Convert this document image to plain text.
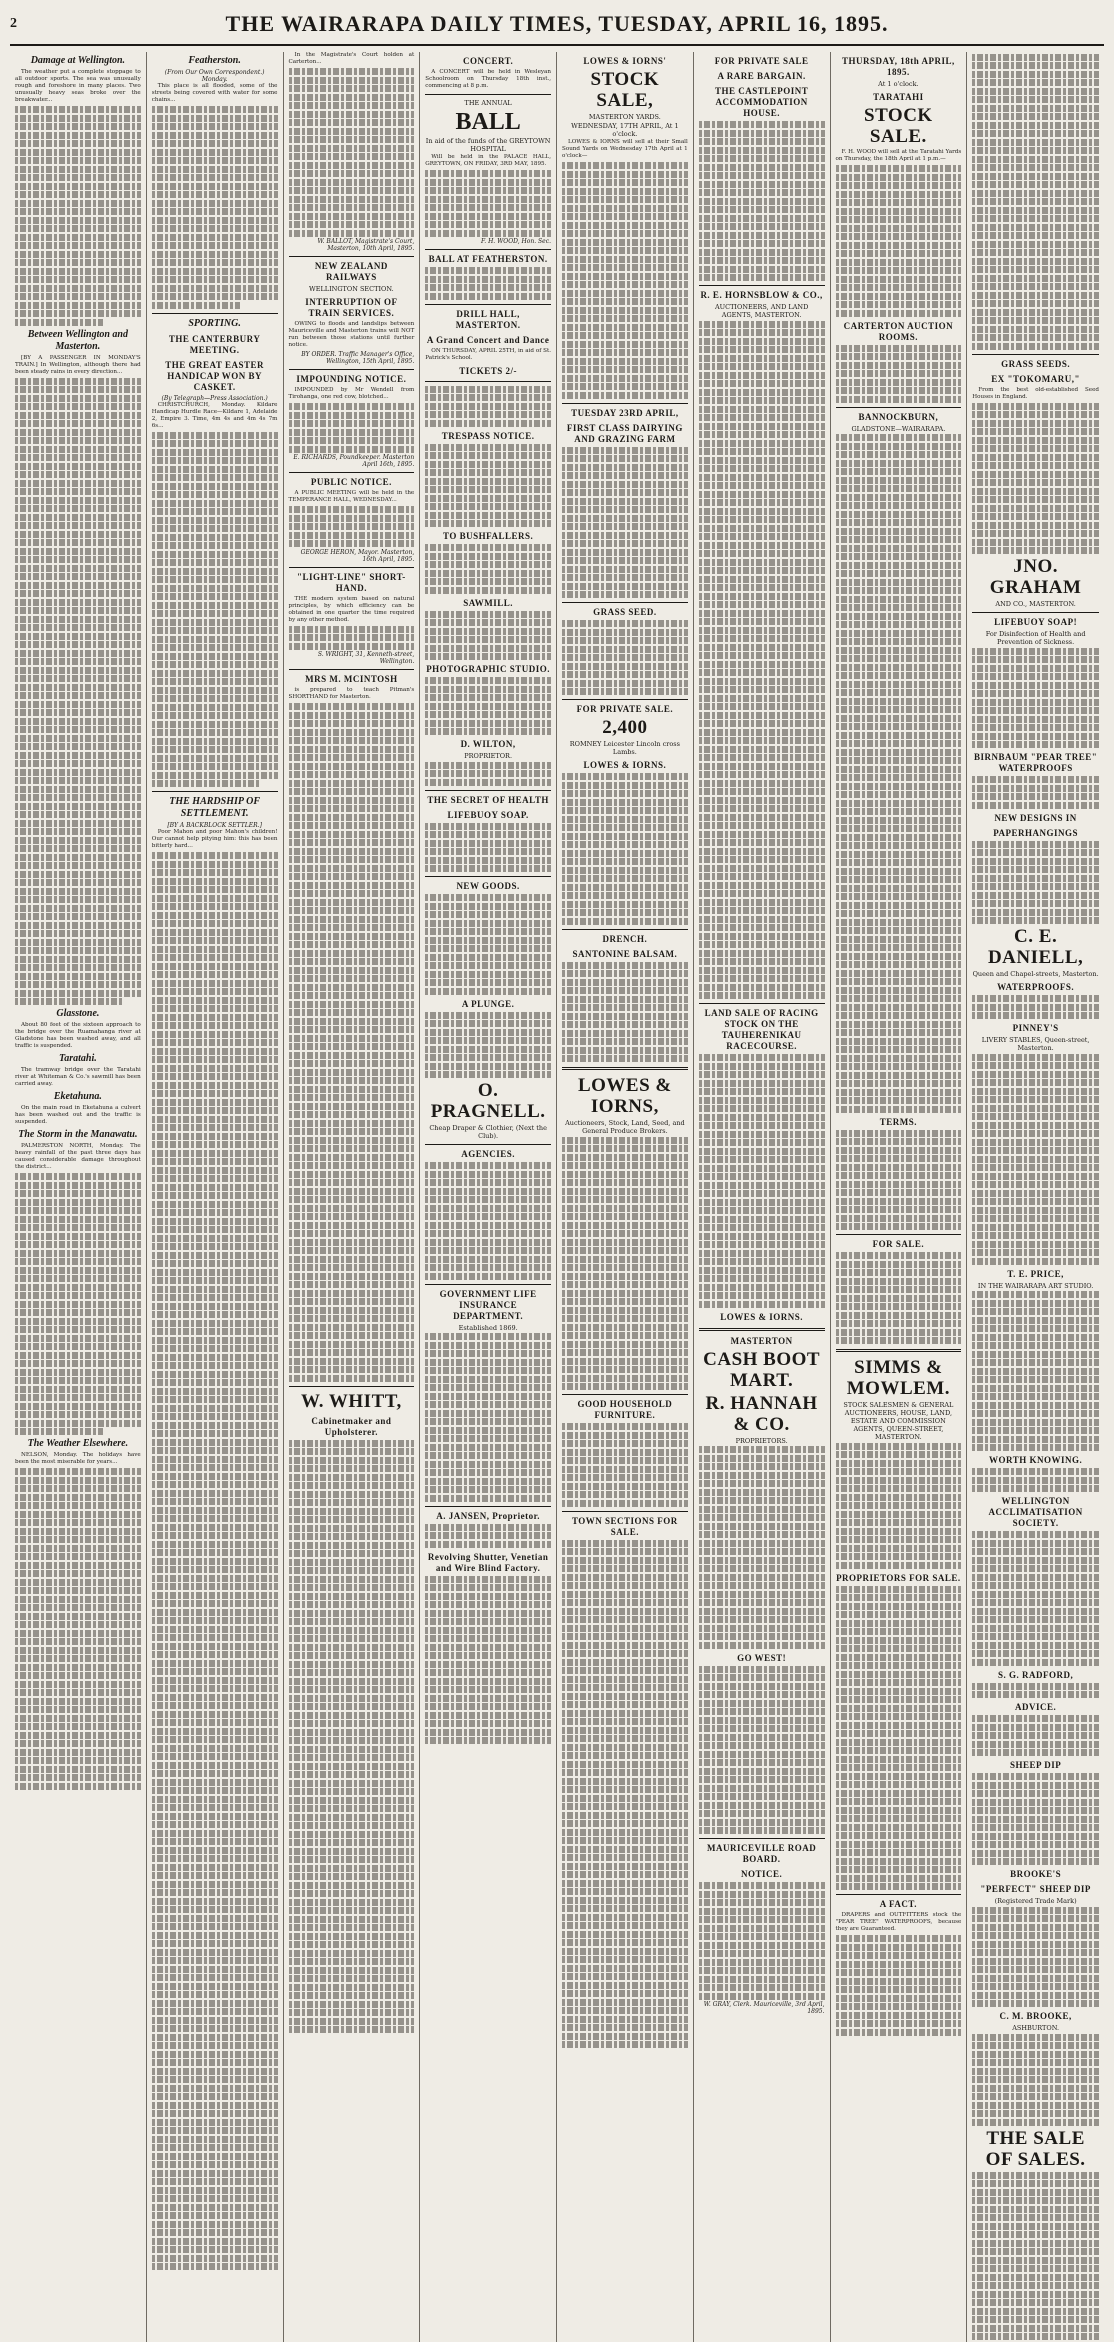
2	THE WAIRARAPA DAILY TIMES, TUESDAY, APRIL 16, 1895.
Damage at Wellington.
The weather put a complete stoppage to all outdoor sports. The sea was unusually rough and foreshore in many places. Two unusually heavy seas broke over the breakwater...
Between Wellington and Masterton.
[BY A PASSENGER IN MONDAY'S TRAIN.] In Wellington, although there had been steady rains in every direction...
Glasstone.
About 80 feet of the sixteen approach to the bridge over the Ruamahanga river at Gladstone has been washed away, and all traffic is suspended.
Taratahi.
The tramway bridge over the Taratahi river at Whiteman & Co.'s sawmill has been carried away.
Eketahuna.
On the main road in Eketahuna a culvert has been washed out and the traffic is suspended.
The Storm in the Manawatu.
PALMERSTON NORTH, Monday. The heavy rainfall of the past three days has caused considerable damage throughout the district...
The Weather Elsewhere.
NELSON, Monday. The holidays have been the most miserable for years...
Featherston.
(From Our Own Correspondent.) Monday.
This place is all flooded, some of the streets being covered with water for some chains...
SPORTING.
THE CANTERBURY MEETING.
THE GREAT EASTER HANDICAP WON BY CASKET.
(By Telegraph—Press Association.)
CHRISTCHURCH, Monday. Kildare Handicap Hurdle Race—Kildare 1, Adelaide 2, Empire 3. Time, 4m 4s and 4m 4s 7m 6s...
THE HARDSHIP OF SETTLEMENT.
[BY A BACKBLOCK SETTLER.]
Poor Mahon and poor Mahon's children! Our cannot help pitying him: this has been bitterly hard...
In the Magistrate's Court holden at Carterton...
W. BALLOT, Magistrate's Court, Masterton, 10th April, 1895.
NEW ZEALAND RAILWAYS
WELLINGTON SECTION.
INTERRUPTION OF TRAIN SERVICES.
OWING to floods and landslips between Mauriceville and Masterton trains will NOT run between those stations until further notice.
BY ORDER. Traffic Manager's Office, Wellington, 15th April, 1895.
IMPOUNDING NOTICE.
IMPOUNDED by Mr Wendell from Tirohanga, one red cow, blotched...
E. RICHARDS, Poundkeeper. Masterton April 16th, 1895.
PUBLIC NOTICE.
A PUBLIC MEETING will be held in the TEMPERANCE HALL, WEDNESDAY...
GEORGE HERON, Mayor. Masterton, 16th April, 1895.
"LIGHT-LINE" SHORT-HAND.
THE modern system based on natural principles, by which efficiency can be obtained in one quarter the time required by any other method.
S. WRIGHT, 31, Kenneth-street, Wellington.
MRS M. MCINTOSH
is prepared to teach Pitman's SHORTHAND for Masterton.
W. WHITT,
Cabinetmaker and Upholsterer.
CONCERT.
A CONCERT will be held in Wesleyan Schoolroom on Thursday 18th inst., commencing at 8 p.m.
THE ANNUAL
BALL
In aid of the funds of the GREYTOWN HOSPITAL
Will be held in the PALACE HALL, GREYTOWN, ON FRIDAY, 3RD MAY, 1895.
F. H. WOOD, Hon. Sec.
BALL AT FEATHERSTON.
DRILL HALL, MASTERTON.
A Grand Concert and Dance
ON THURSDAY, APRIL 25TH, in aid of St. Patrick's School.
TICKETS 2/-
TRESPASS NOTICE.
TO BUSHFALLERS.
SAWMILL.
PHOTOGRAPHIC STUDIO.
D. WILTON,
PROPRIETOR.
THE SECRET OF HEALTH
LIFEBUOY SOAP.
NEW GOODS.
A PLUNGE.
O. PRAGNELL.
Cheap Draper & Clothier, (Next the Club).
AGENCIES.
GOVERNMENT LIFE INSURANCE DEPARTMENT.
Established 1869.
A. JANSEN, Proprietor.
Revolving Shutter, Venetian and Wire Blind Factory.
LOWES & IORNS'
STOCK SALE,
MASTERTON YARDS.
WEDNESDAY, 17TH APRIL, At 1 o'clock.
LOWES & IORNS will sell at their Small Sound Yards on Wednesday 17th April at 1 o'clock—
TUESDAY 23RD APRIL,
FIRST CLASS DAIRYING AND GRAZING FARM
GRASS SEED.
FOR PRIVATE SALE.
2,400
ROMNEY Leicester Lincoln cross Lambs.
LOWES & IORNS.
DRENCH.
SANTONINE BALSAM.
LOWES & IORNS,
Auctioneers, Stock, Land, Seed, and General Produce Brokers.
GOOD HOUSEHOLD FURNITURE.
TOWN SECTIONS FOR SALE.
FOR PRIVATE SALE
A RARE BARGAIN.
THE CASTLEPOINT ACCOMMODATION HOUSE.
R. E. HORNSBLOW & CO.,
AUCTIONEERS, AND LAND AGENTS, MASTERTON.
LAND SALE OF RACING STOCK ON THE TAUHERENIKAU RACECOURSE.
LOWES & IORNS.
MASTERTON
CASH BOOT MART.
R. HANNAH & CO.
PROPRIETORS.
GO WEST!
MAURICEVILLE ROAD BOARD.
NOTICE.
W. GRAY, Clerk. Mauriceville, 3rd April, 1895.
THURSDAY, 18th APRIL, 1895.
At 1 o'clock.
TARATAHI
STOCK SALE.
F. H. WOOD will sell at the Taratahi Yards on Thursday, the 18th April at 1 p.m.—
CARTERTON AUCTION ROOMS.
BANNOCKBURN,
GLADSTONE—WAIRARAPA.
TERMS.
FOR SALE.
SIMMS & MOWLEM.
STOCK SALESMEN & GENERAL AUCTIONEERS, HOUSE, LAND, ESTATE AND COMMISSION AGENTS, QUEEN-STREET, MASTERTON.
PROPRIETORS FOR SALE.
A FACT.
DRAPERS and OUTFITTERS stock the "PEAR TREE" WATERPROOFS, because they are Guaranteed.
GRASS SEEDS.
EX "TOKOMARU,"
From the best old-established Seed Houses in England.
JNO. GRAHAM
AND CO., MASTERTON.
LIFEBUOY SOAP!
For Disinfection of Health and Prevention of Sickness.
BIRNBAUM "PEAR TREE" WATERPROOFS
NEW DESIGNS IN
PAPERHANGINGS
C. E. DANIELL,
Queen and Chapel-streets, Masterton.
WATERPROOFS.
PINNEY'S
LIVERY STABLES, Queen-street, Masterton.
T. E. PRICE,
IN THE WAIRARAPA ART STUDIO.
WORTH KNOWING.
WELLINGTON ACCLIMATISATION SOCIETY.
S. G. RADFORD,
ADVICE.
SHEEP DIP
BROOKE'S
"PERFECT" SHEEP DIP
(Registered Trade Mark)
C. M. BROOKE,
ASHBURTON.
THE SALE OF SALES.
